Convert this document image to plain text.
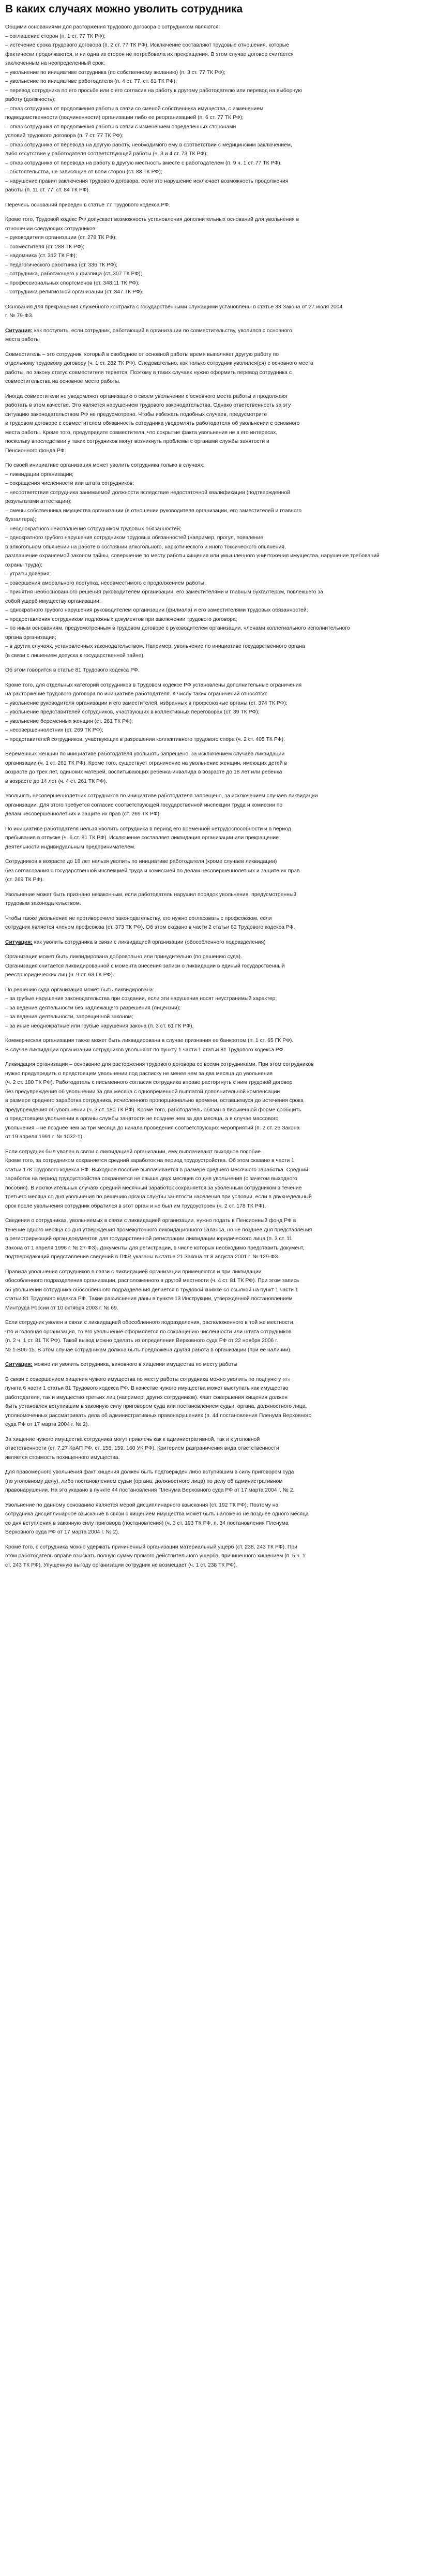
В каких случаях можно уволить сотрудника
Общими основаниями для расторжения трудового договора с сотрудником являются:
– соглашение сторон (п. 1 ст. 77 ТК РФ);
– истечение срока трудового договора (п. 2 ст. 77 ТК РФ). Исключение составляют трудовые отношения, которые
фактически продолжаются, и ни одна из сторон не потребовала их прекращения. В этом случае договор считается
заключенным на неопределенный срок;
– увольнение по инициативе сотрудника (по собственному желанию) (п. 3 ст. 77 ТК РФ);
– увольнение по инициативе работодателя (п. 4 ст. 77, ст. 81 ТК РФ);
– перевод сотрудника по его просьбе или с его согласия на работу к другому работодателю или перевод на выборную
работу (должность);
– отказ сотрудника от продолжения работы в связи со сменой собственника имущества, с изменением
подведомственности (подчиненности) организации либо ее реорганизацией (п. 6 ст. 77 ТК РФ);
– отказ сотрудника от продолжения работы в связи с изменением определенных сторонами
условий трудового договора (п. 7 ст. 77 ТК РФ);
– отказ сотрудника от перевода на другую работу, необходимого ему в соответствии с медицинским заключением,
либо отсутствие у работодателя соответствующей работы (ч. 3 и 4 ст. 73 ТК РФ);
– отказ сотрудника от перевода на работу в другую местность вместе с работодателем (п. 9 ч. 1 ст. 77 ТК РФ);
– обстоятельства, не зависящие от воли сторон (ст. 83 ТК РФ);
– нарушение правил заключения трудового договора, если это нарушение исключает возможность продолжения
работы (п. 11 ст. 77, ст. 84 ТК РФ).
Перечень оснований приведен в статье 77 Трудового кодекса РФ.
Кроме того, Трудовой кодекс РФ допускает возможность установления дополнительных оснований для увольнения в
отношении следующих сотрудников:
– руководителя организации (ст. 278 ТК РФ);
– совместителя (ст. 288 ТК РФ);
– надомника (ст. 312 ТК РФ);
– педагогического работника (ст. 336 ТК РФ);
– сотрудника, работающего у физлица (ст. 307 ТК РФ);
– профессиональных спортсменов (ст. 348.11 ТК РФ);
– сотрудника религиозной организации (ст. 347 ТК РФ).
Основания для прекращения служебного контракта с государственными служащими установлены в статье 33 Закона от 27 июля 2004
г. № 79-ФЗ.
Ситуация: как поступить, если сотрудник, работающий в организации по совместительству, уволился с основного
места работы
Совместитель – это сотрудник, который в свободное от основной работы время выполняет другую работу по
отдельному трудовому договору (ч. 1 ст. 282 ТК РФ). Следовательно, как только сотрудник уволился(ся) с основного места
работы, по закону статус совместителя теряется. Поэтому в таких случаях нужно оформить перевод сотрудника с
совместительства на основное место работы.
Иногда совместители не уведомляют организацию о своем увольнении с основного места работы и продолжают
работать в этом качестве. Это является нарушением трудового законодательства. Однако ответственность за эту
ситуацию законодательством РФ не предусмотрено. Чтобы избежать подобных случаев, предусмотрите
в трудовом договоре с совместителем обязанность сотрудника уведомлять работодателя об увольнении с основного
места работы. Кроме того, предупредите совместителя, что сокрытие факта увольнения не в его интересах,
поскольку впоследствии у таких сотрудников могут возникнуть проблемы с органами службы занятости и
Пенсионного фонда РФ.
По своей инициативе организация может уволить сотрудника только в случаях:
– ликвидации организации;
– сокращения численности или штата сотрудников;
– несоответствия сотрудника занимаемой должности вследствие недостаточной квалификации (подтвержденной
результатами аттестации);
– смены собственника имущества организации (в отношении руководителя организации, его заместителей и главного
бухгалтера);
– неоднократного неисполнения сотрудником трудовых обязанностей;
– однократного грубого нарушения сотрудником трудовых обязанностей (например, прогул, появление
в алкогольном опьянении на работе в состоянии алкогольного, наркотического и иного токсического опьянения,
разглашение охраняемой законом тайны, совершение по месту работы хищения или умышленного уничтожения имущества, нарушение требований
охраны труда);
– утраты доверия;
– совершения аморального поступка, несовместимого с продолжением работы;
– принятия необоснованного решения руководителем организации, его заместителями и главным бухгалтером, повлекшего за
собой ущерб имуществу организации;
– однократного грубого нарушения руководителем организации (филиала) и его заместителями трудовых обязанностей;
– предоставления сотрудником подложных документов при заключении трудового договора;
– по иным основаниям, предусмотренным в трудовом договоре с руководителем организации, членами коллегиального исполнительного
органа организации;
– в других случаях, установленных законодательством. Например, увольнение по инициативе государственного органа
(в связи с лишением допуска к государственной тайне).
Об этом говорится в статье 81 Трудового кодекса РФ.
Кроме того, для отдельных категорий сотрудников в Трудовом кодексе РФ установлены дополнительные ограничения
на расторжение трудового договора по инициативе работодателя. К числу таких ограничений относятся:
– увольнение руководителя организации и его заместителей, избранных в профсоюзные органы (ст. 374 ТК РФ);
– увольнение представителей сотрудников, участвующих в коллективных переговорах (ст. 39 ТК РФ);
– увольнение беременных женщин (ст. 261 ТК РФ);
– несовершеннолетних (ст. 269 ТК РФ);
– представителей сотрудников, участвующих в разрешении коллективного трудового спора (ч. 2 ст. 405 ТК РФ).
Беременных женщин по инициативе работодателя увольнять запрещено, за исключением случаев ликвидации
организации (ч. 1 ст. 261 ТК РФ). Кроме того, существует ограничение на увольнение женщин, имеющих детей в
возрасте до трех лет, одиноких матерей, воспитывающих ребенка-инвалида в возрасте до 18 лет или ребенка
в возрасте до 14 лет (ч. 4 ст. 261 ТК РФ).
Увольнять несовершеннолетних сотрудников по инициативе работодателя запрещено, за исключением случаев ликвидации
организации. Для этого требуется согласие соответствующей государственной инспекции труда и комиссии по
делам несовершеннолетних и защите их прав (ст. 269 ТК РФ).
По инициативе работодателя нельзя уволить сотрудника в период его временной нетрудоспособности и в период
пребывания в отпуске (ч. 6 ст. 81 ТК РФ). Исключение составляет ликвидация организации или прекращение
деятельности индивидуальным предпринимателем.
Сотрудников в возрасте до 18 лет нельзя уволить по инициативе работодателя (кроме случаев ликвидации)
без согласования с государственной инспекцией труда и комиссией по делам несовершеннолетних и защите их прав
(ст. 269 ТК РФ).
Увольнение может быть признано незаконным, если работодатель нарушил порядок увольнения, предусмотренный
трудовым законодательством.
Чтобы также увольнение не противоречило законодательству, его нужно согласовать с профсоюзом, если
сотрудник является членом профсоюза (ст. 373 ТК РФ). Об этом сказано в части 2 статьи 82 Трудового кодекса РФ.
Ситуация: как уволить сотрудника в связи с ликвидацией организации (обособленного подразделения)
Организация может быть ликвидирована добровольно или принудительно (по решению суда).
Организация считается ликвидированной с момента внесения записи о ликвидации в единый государственный
реестр юридических лиц (ч. 9 ст. 63 ГК РФ).
По решению суда организация может быть ликвидирована:
– за грубые нарушения законодательства при создании, если эти нарушения носят неустранимый характер;
– за ведение деятельности без надлежащего разрешения (лицензии);
– за ведение деятельности, запрещенной законом;
– за иные неоднократные или грубые нарушения закона (п. 3 ст. 61 ГК РФ).
Коммерческая организация также может быть ликвидирована в случае признания ее банкротом (п. 1 ст. 65 ГК РФ).
В случае ликвидации организации сотрудников увольняют по пункту 1 части 1 статьи 81 Трудового кодекса РФ.
Ликвидация организации – основание для расторжения трудового договора со всеми сотрудниками. При этом сотрудников
нужно предупредить о предстоящем увольнении под расписку не менее чем за два месяца до увольнения
(ч. 2 ст. 180 ТК РФ). Работодатель с письменного согласия сотрудника вправе расторгнуть с ним трудовой договор
без предупреждения об увольнении за два месяца с одновременной выплатой дополнительной компенсации
в размере среднего заработка сотрудника, исчисленного пропорционально времени, оставшемуся до истечения срока
предупреждения об увольнении (ч. 3 ст. 180 ТК РФ). Кроме того, работодатель обязан в письменной форме сообщить
о предстоящем увольнении в органы службы занятости не позднее чем за два месяца, а в случае массового
увольнения – не позднее чем за три месяца до начала проведения соответствующих мероприятий (п. 2 ст. 25 Закона
от 19 апреля 1991 г. № 1032-1).
Если сотрудник был уволен в связи с ликвидацией организации, ему выплачивают выходное пособие.
Кроме того, за сотрудником сохраняется средний заработок на период трудоустройства. Об этом сказано в части 1
статьи 178 Трудового кодекса РФ. Выходное пособие выплачивается в размере среднего месячного заработка. Средний
заработок на период трудоустройства сохраняется не свыше двух месяцев со дня увольнения (с зачетом выходного
пособия). В исключительных случаях средний месячный заработок сохраняется за уволенным сотрудником в течение
третьего месяца со дня увольнения по решению органа службы занятости населения при условии, если в двухнедельный
срок после увольнения сотрудник обратился в этот орган и не был им трудоустроен (ч. 2 ст. 178 ТК РФ).
Сведения о сотрудниках, увольняемых в связи с ликвидацией организации, нужно подать в Пенсионный фонд РФ в
течение одного месяца со дня утверждения промежуточного ликвидационного баланса, но не позднее дня представления
в регистрирующий орган документов для государственной регистрации ликвидации юридического лица (п. 3 ст. 11
Закона от 1 апреля 1996 г. № 27-ФЗ). Документы для регистрации, в числе которых необходимо представить документ,
подтверждающий представление сведений в ПФР, указаны в статье 21 Закона от 8 августа 2001 г. № 129-ФЗ.
Правила увольнения сотрудников в связи с ликвидацией организации применяются и при ликвидации
обособленного подразделения организации, расположенного в другой местности (ч. 4 ст. 81 ТК РФ). При этом запись
об увольнении сотрудника обособленного подразделения делается в трудовой книжке со ссылкой на пункт 1 части 1
статьи 81 Трудового кодекса РФ. Такие разъяснения даны в пункте 13 Инструкции, утвержденной постановлением
Минтруда России от 10 октября 2003 г. № 69.
Если сотрудник уволен в связи с ликвидацией обособленного подразделения, расположенного в той же местности,
что и головная организация, то его увольнение оформляется по сокращению численности или штата сотрудников
(п. 2 ч. 1 ст. 81 ТК РФ). Такой вывод можно сделать из определения Верховного суда РФ от 22 ноября 2006 г.
№ 1-В06-15. В этом случае сотрудникам должна быть предложена другая работа в организации (при ее наличии).
Ситуация: можно ли уволить сотрудника, виновного в хищении имущества по месту работы
В связи с совершением хищения чужого имущества по месту работы сотрудника можно уволить по подпункту «г»
пункта 6 части 1 статьи 81 Трудового кодекса РФ. В качестве чужого имущества может выступать как имущество
работодателя, так и имущество третьих лиц (например, других сотрудников). Факт совершения хищения должен
быть установлен вступившим в законную силу приговором суда или постановлением судьи, органа, должностного лица,
уполномоченных рассматривать дела об административных правонарушениях (п. 44 постановления Пленума Верховного
суда РФ от 17 марта 2004 г. № 2).
За хищение чужого имущества сотрудника могут привлечь как к административной, так и к уголовной
ответственности (ст. 7.27 КоАП РФ, ст. 158, 159, 160 УК РФ). Критерием разграничения вида ответственности
является стоимость похищенного имущества.
Для правомерного увольнения факт хищения должен быть подтвержден либо вступившим в силу приговором суда
(по уголовному делу), либо постановлением судьи (органа, должностного лица) по делу об административном
правонарушении. На это указано в пункте 44 постановления Пленума Верховного суда РФ от 17 марта 2004 г. № 2.
Увольнение по данному основанию является мерой дисциплинарного взыскания (ст. 192 ТК РФ). Поэтому на
сотрудника дисциплинарное взыскание в связи с хищением имущества может быть наложено не позднее одного месяца
со дня вступления в законную силу приговора (постановления) (ч. 3 ст. 193 ТК РФ, п. 34 постановления Пленума
Верховного суда РФ от 17 марта 2004 г. № 2).
Кроме того, с сотрудника можно удержать причиненный организации материальный ущерб (ст. 238, 243 ТК РФ). При
этом работодатель вправе взыскать полную сумму прямого действительного ущерба, причиненного хищением (п. 5 ч. 1
ст. 243 ТК РФ). Упущенную выгоду организации сотрудник не возмещает (ч. 1 ст. 238 ТК РФ).
